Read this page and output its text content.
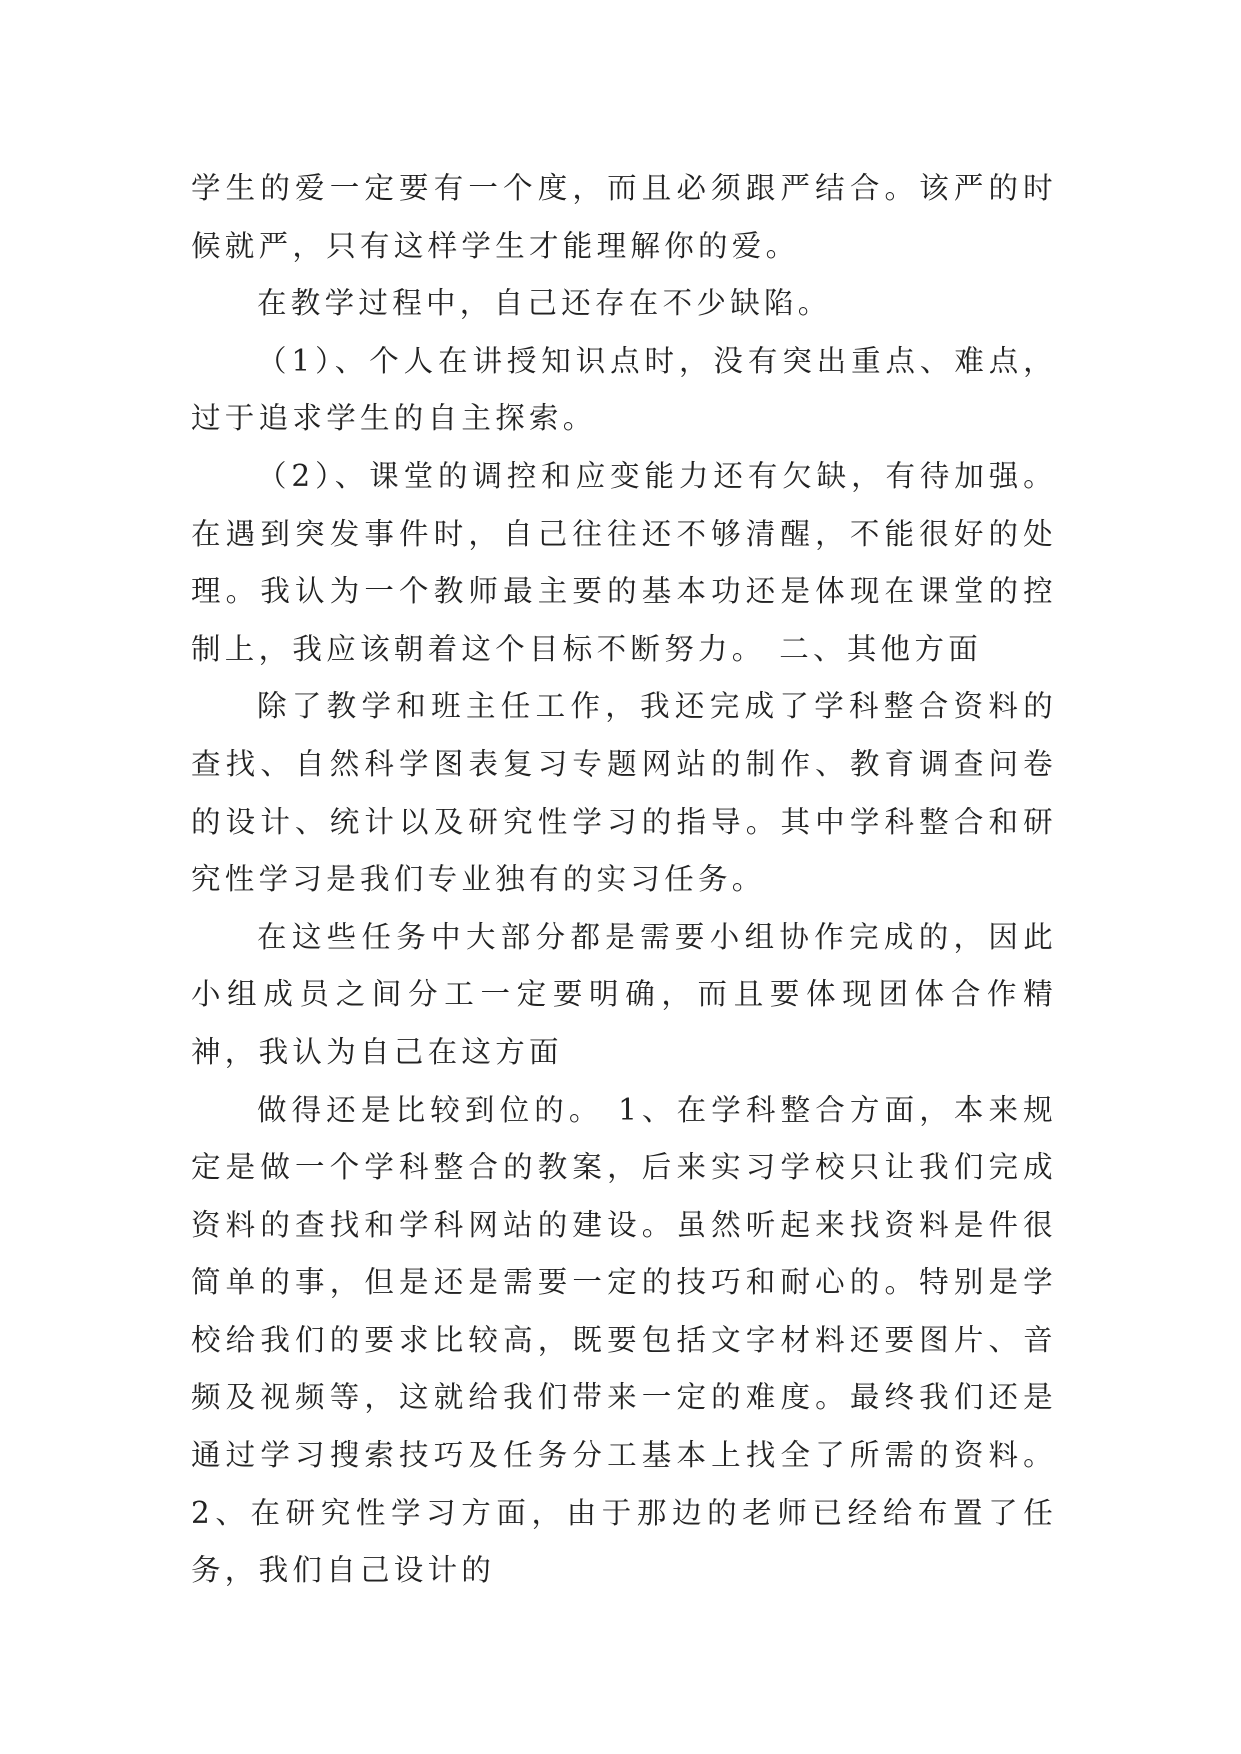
学生的爱一定要有一个度，而且必须跟严结合。该严的时候就严，只有这样学生才能理解你的爱。

在教学过程中，自己还存在不少缺陷。

（1）、个人在讲授知识点时，没有突出重点、难点，过于追求学生的自主探索。

（2）、课堂的调控和应变能力还有欠缺，有待加强。在遇到突发事件时，自己往往还不够清醒，不能很好的处理。我认为一个教师最主要的基本功还是体现在课堂的控制上，我应该朝着这个目标不断努力。 二、其他方面

除了教学和班主任工作，我还完成了学科整合资料的查找、自然科学图表复习专题网站的制作、教育调查问卷的设计、统计以及研究性学习的指导。其中学科整合和研究性学习是我们专业独有的实习任务。

在这些任务中大部分都是需要小组协作完成的，因此小组成员之间分工一定要明确，而且要体现团体合作精神，我认为自己在这方面

做得还是比较到位的。 1、在学科整合方面，本来规定是做一个学科整合的教案，后来实习学校只让我们完成资料的查找和学科网站的建设。虽然听起来找资料是件很简单的事，但是还是需要一定的技巧和耐心的。特别是学校给我们的要求比较高，既要包括文字材料还要图片、音频及视频等，这就给我们带来一定的难度。最终我们还是通过学习搜索技巧及任务分工基本上找全了所需的资料。2、在研究性学习方面，由于那边的老师已经给布置了任务，我们自己设计的
